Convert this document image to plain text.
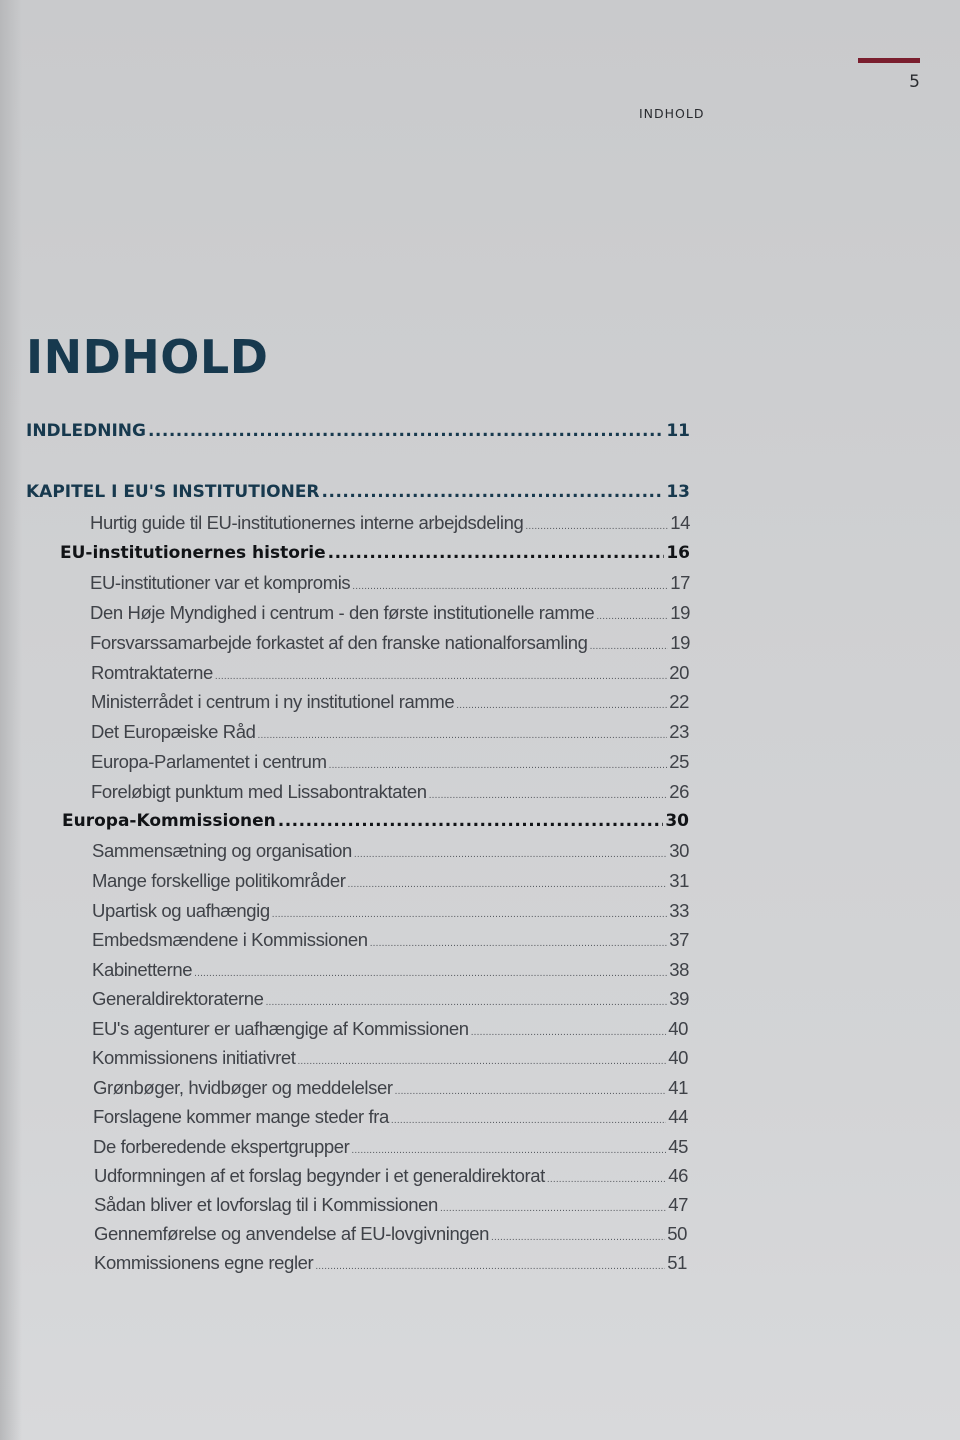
5
INDHOLD
INDHOLD
INDLEDNING .....	11
KAPITEL I EU'S INSTITUTIONER .....	13
Hurtig guide til EU-institutionernes interne arbejdsdeling .....	14
EU-institutionernes historie .....	16
EU-institutioner var et kompromis .....	17
Den Høje Myndighed i centrum - den første institutionelle ramme .....	19
Forsvarssamarbejde forkastet af den franske nationalforsamling .....	19
Romtraktaterne .....	20
Ministerrådet i centrum i ny institutionel ramme .....	22
Det Europæiske Råd .....	23
Europa-Parlamentet i centrum .....	25
Foreløbigt punktum med Lissabontraktaten .....	26
Europa-Kommissionen .....	30
Sammensætning og organisation .....	30
Mange forskellige politikområder .....	31
Upartisk og uafhængig .....	33
Embedsmændene i Kommissionen .....	37
Kabinetterne .....	38
Generaldirektoraterne .....	39
EU's agenturer er uafhængige af Kommissionen .....	40
Kommissionens initiativret .....	40
Grønbøger, hvidbøger og meddelelser .....	41
Forslagene kommer mange steder fra .....	44
De forberedende ekspertgrupper .....	45
Udformningen af et forslag begynder i et generaldirektorat .....	46
Sådan bliver et lovforslag til i Kommissionen .....	47
Gennemførelse og anvendelse af EU-lovgivningen .....	50
Kommissionens egne regler .....	51
